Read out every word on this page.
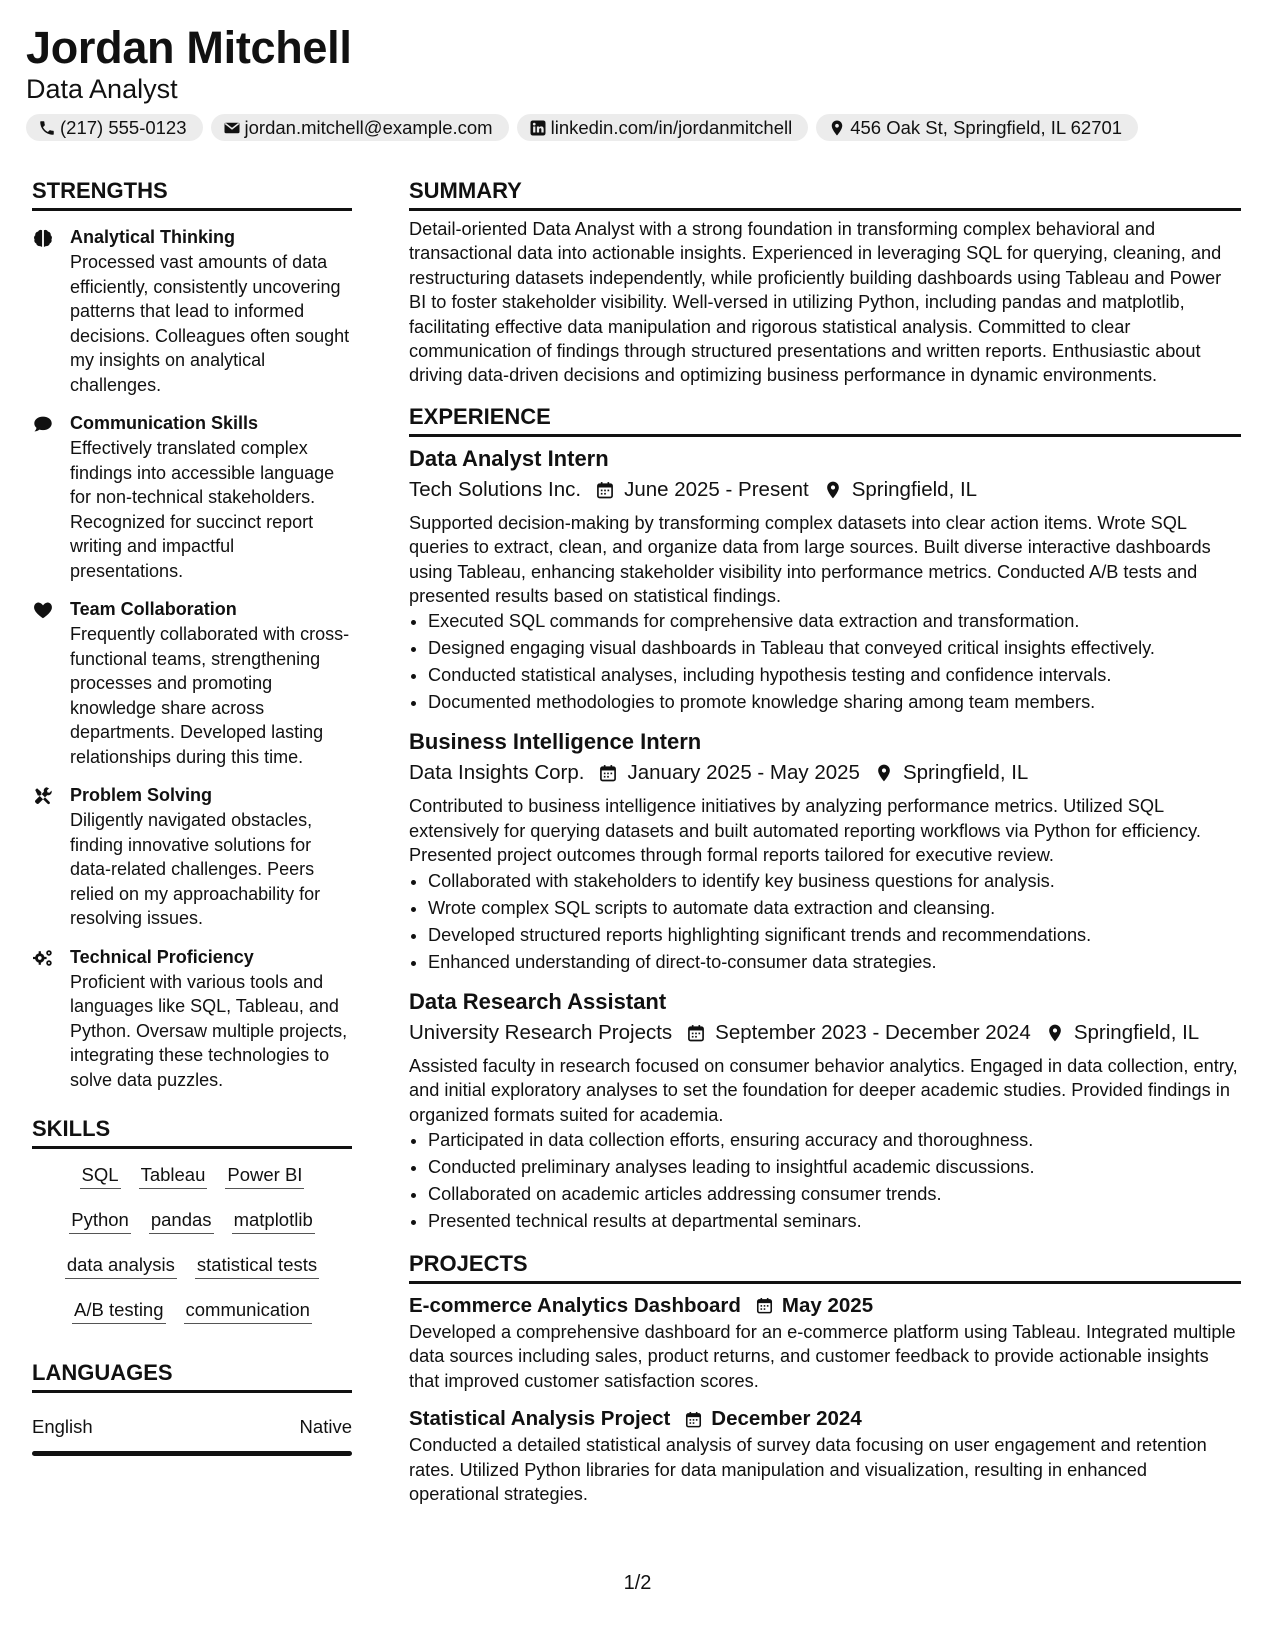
Jordan Mitchell
Data Analyst
(217) 555-0123	jordan.mitchell@example.com	linkedin.com/in/jordanmitchell	456 Oak St, Springfield, IL 62701
STRENGTHS
Analytical Thinking
Processed vast amounts of data efficiently, consistently uncovering patterns that lead to informed decisions. Colleagues often sought my insights on analytical challenges.
Communication Skills
Effectively translated complex findings into accessible language for non-technical stakeholders. Recognized for succinct report writing and impactful presentations.
Team Collaboration
Frequently collaborated with cross-functional teams, strengthening processes and promoting knowledge share across departments. Developed lasting relationships during this time.
Problem Solving
Diligently navigated obstacles, finding innovative solutions for data-related challenges. Peers relied on my approachability for resolving issues.
Technical Proficiency
Proficient with various tools and languages like SQL, Tableau, and Python. Oversaw multiple projects, integrating these technologies to solve data puzzles.
SKILLS
SQL Tableau Power BI
Python pandas matplotlib
data analysis statistical tests
A/B testing communication
LANGUAGES
English	Native
SUMMARY
Detail-oriented Data Analyst with a strong foundation in transforming complex behavioral and transactional data into actionable insights. Experienced in leveraging SQL for querying, cleaning, and restructuring datasets independently, while proficiently building dashboards using Tableau and Power BI to foster stakeholder visibility. Well-versed in utilizing Python, including pandas and matplotlib, facilitating effective data manipulation and rigorous statistical analysis. Committed to clear communication of findings through structured presentations and written reports. Enthusiastic about driving data-driven decisions and optimizing business performance in dynamic environments.
EXPERIENCE
Data Analyst Intern
Tech Solutions Inc. June 2025 - Present Springfield, IL
Supported decision-making by transforming complex datasets into clear action items. Wrote SQL queries to extract, clean, and organize data from large sources. Built diverse interactive dashboards using Tableau, enhancing stakeholder visibility into performance metrics. Conducted A/B tests and presented results based on statistical findings.
• Executed SQL commands for comprehensive data extraction and transformation.
• Designed engaging visual dashboards in Tableau that conveyed critical insights effectively.
• Conducted statistical analyses, including hypothesis testing and confidence intervals.
• Documented methodologies to promote knowledge sharing among team members.
Business Intelligence Intern
Data Insights Corp. January 2025 - May 2025 Springfield, IL
Contributed to business intelligence initiatives by analyzing performance metrics. Utilized SQL extensively for querying datasets and built automated reporting workflows via Python for efficiency. Presented project outcomes through formal reports tailored for executive review.
• Collaborated with stakeholders to identify key business questions for analysis.
• Wrote complex SQL scripts to automate data extraction and cleansing.
• Developed structured reports highlighting significant trends and recommendations.
• Enhanced understanding of direct-to-consumer data strategies.
Data Research Assistant
University Research Projects September 2023 - December 2024 Springfield, IL
Assisted faculty in research focused on consumer behavior analytics. Engaged in data collection, entry, and initial exploratory analyses to set the foundation for deeper academic studies. Provided findings in organized formats suited for academia.
• Participated in data collection efforts, ensuring accuracy and thoroughness.
• Conducted preliminary analyses leading to insightful academic discussions.
• Collaborated on academic articles addressing consumer trends.
• Presented technical results at departmental seminars.
PROJECTS
E-commerce Analytics Dashboard May 2025
Developed a comprehensive dashboard for an e-commerce platform using Tableau. Integrated multiple data sources including sales, product returns, and customer feedback to provide actionable insights that improved customer satisfaction scores.
Statistical Analysis Project December 2024
Conducted a detailed statistical analysis of survey data focusing on user engagement and retention rates. Utilized Python libraries for data manipulation and visualization, resulting in enhanced operational strategies.
1/2
